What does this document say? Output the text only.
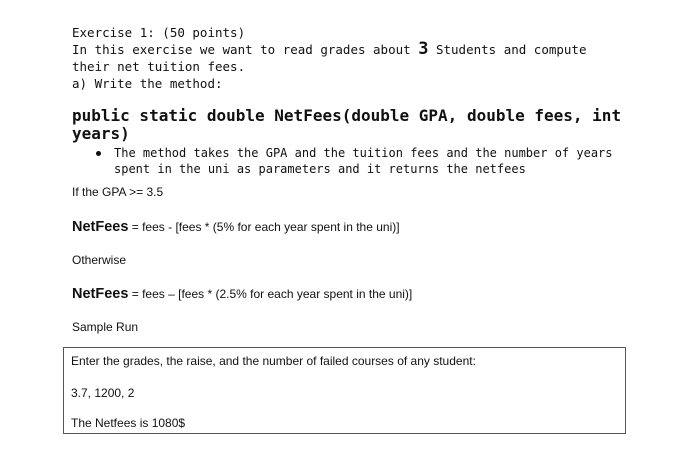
Exercise 1: (50 points)
In this exercise we want to read grades about 3 Students and compute
their net tuition fees.
a) Write the method:
public static double NetFees(double GPA, double fees, int
years)
The method takes the GPA and the tuition fees and the number of years
spent in the uni as parameters and it returns the netfees
If the GPA >= 3.5
NetFees = fees - [fees * (5% for each year spent in the uni)]
Otherwise
NetFees = fees – [fees * (2.5% for each year spent in the uni)]
Sample Run
Enter the grades, the raise, and the number of failed courses of any student:
3.7, 1200, 2
The Netfees is 1080$
